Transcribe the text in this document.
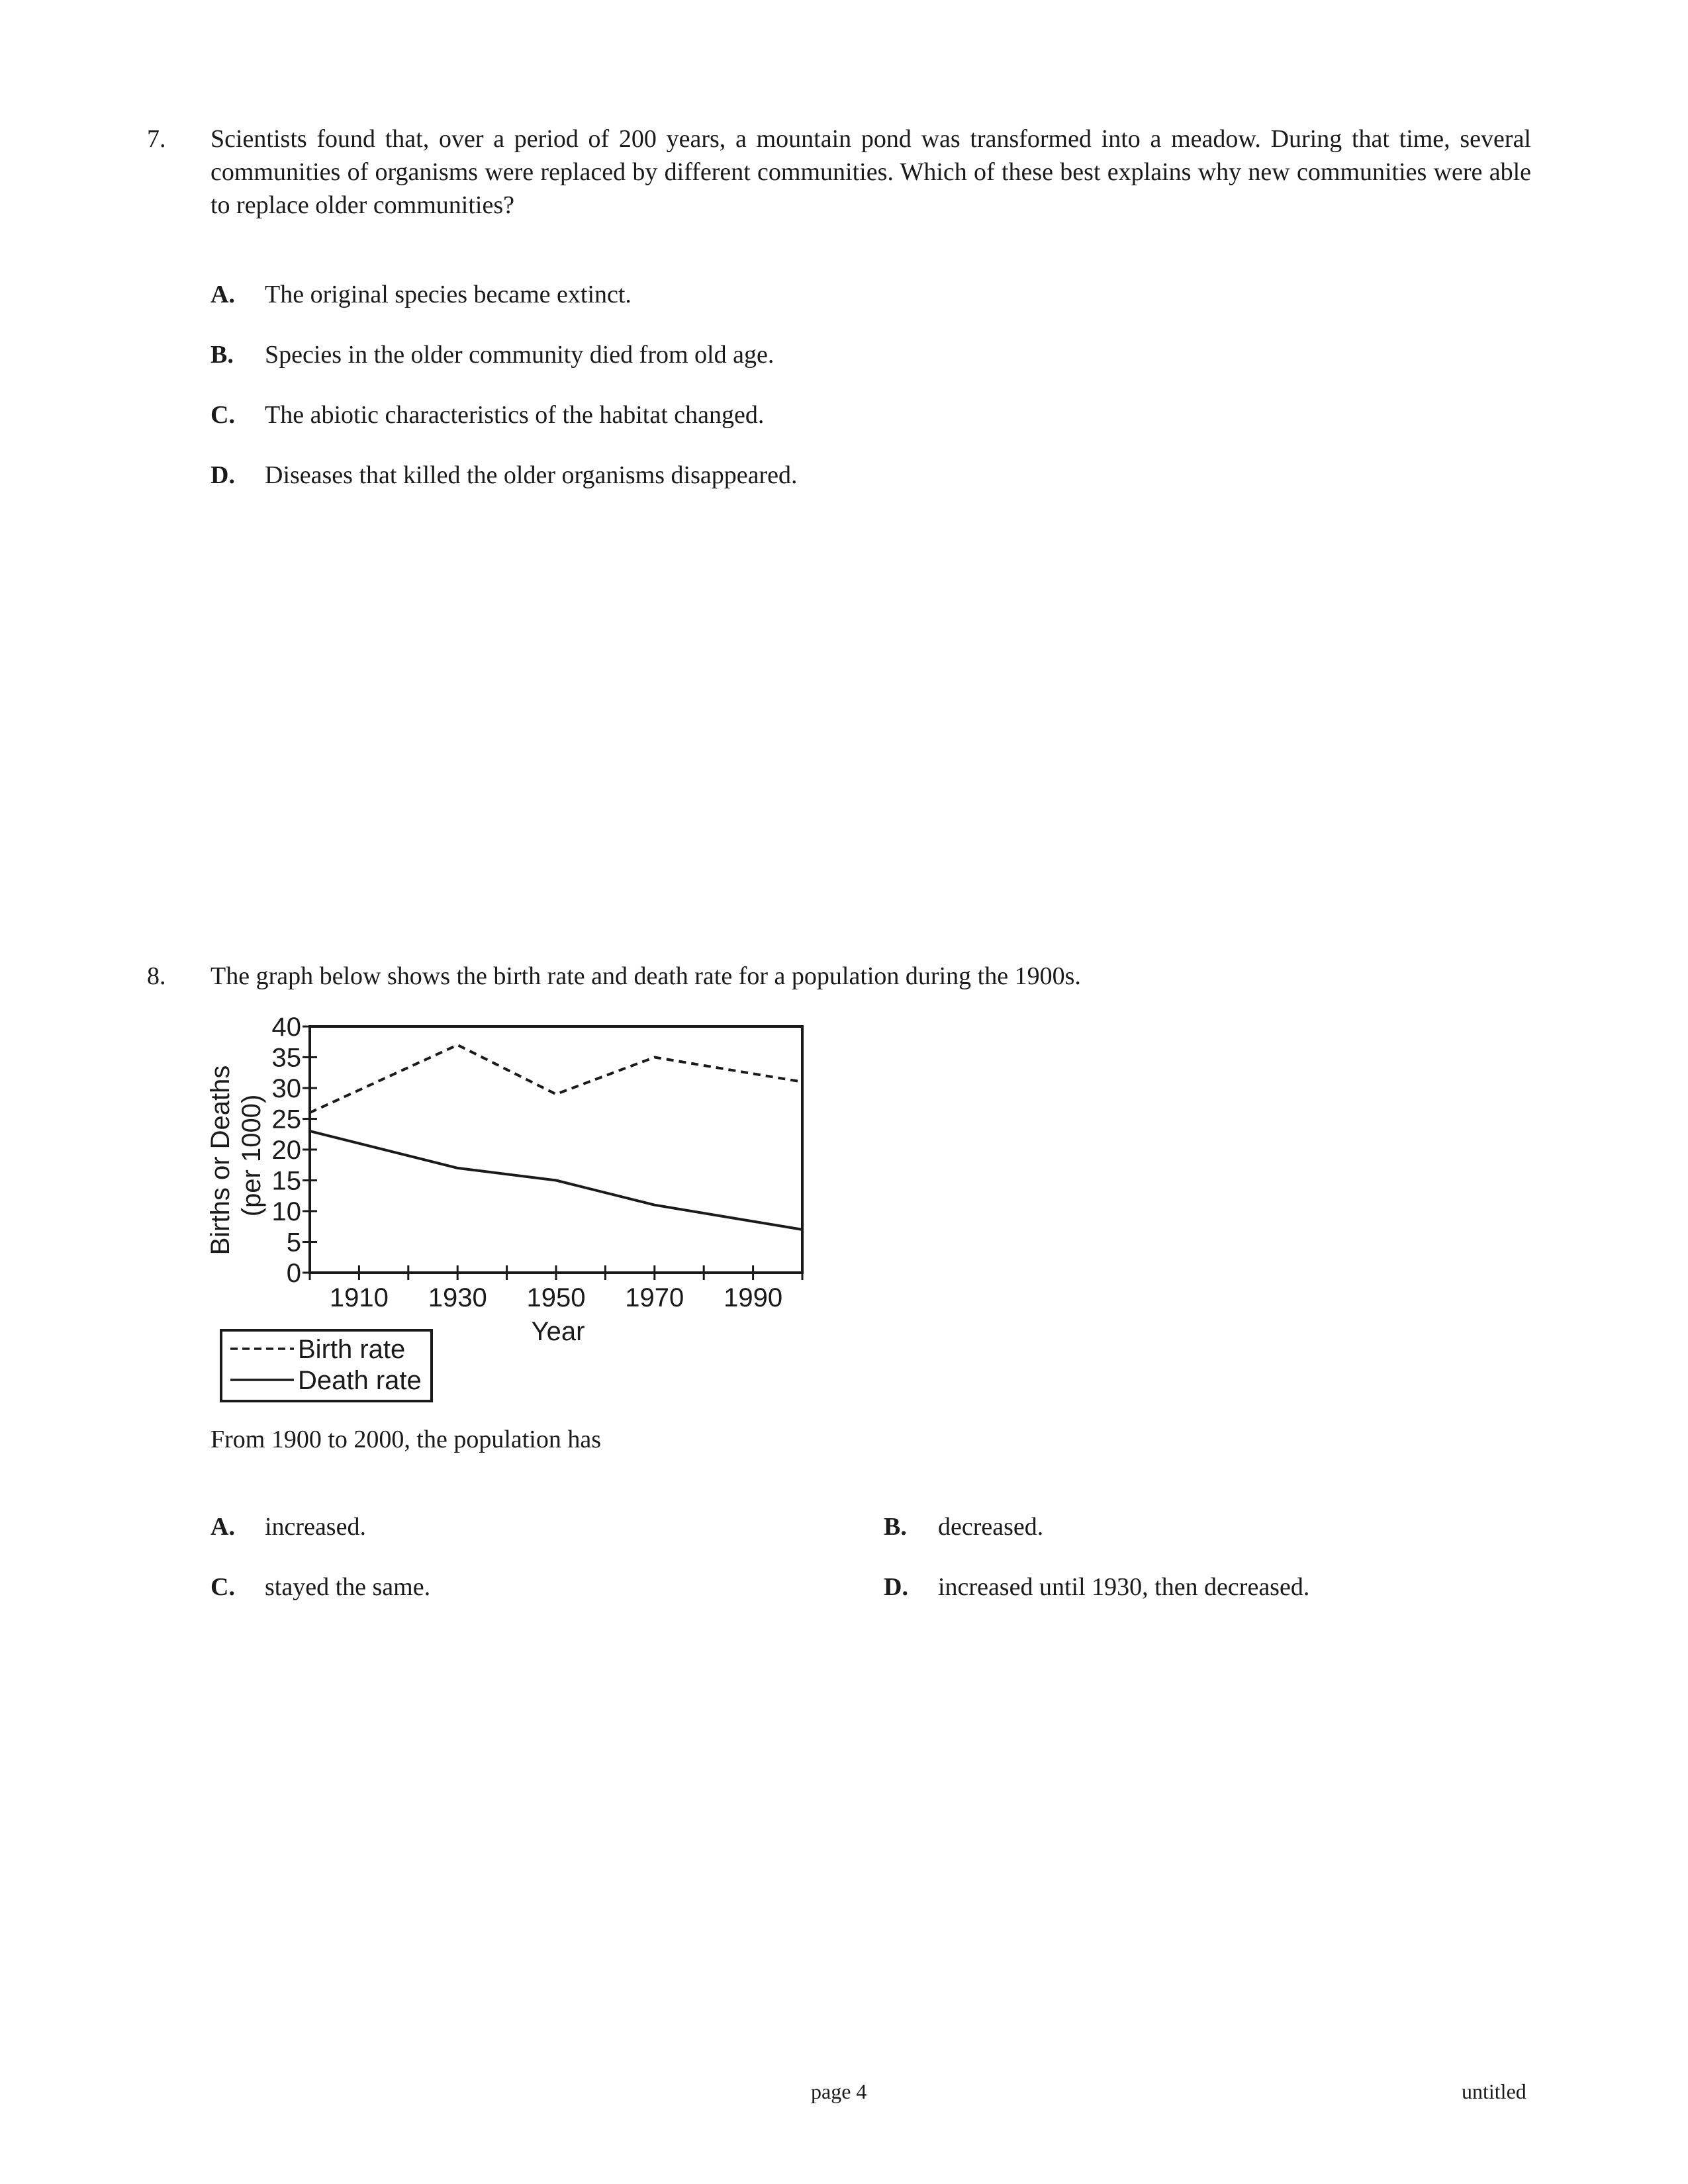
7. Scientists found that, over a period of 200 years, a mountain pond was transformed into a meadow. During that time, several communities of organisms were replaced by different communities. Which of these best explains why new communities were able to replace older communities?
A. The original species became extinct.
B. Species in the older community died from old age.
C. The abiotic characteristics of the habitat changed.
D. Diseases that killed the older organisms disappeared.
8. The graph below shows the birth rate and death rate for a population during the 1900s.
0
5
10
15
20
25
30
35
40
1910 1930 1950 1970 1990
Births or Deaths (per 1000)
Year
Birth rate
Death rate
From 1900 to 2000, the population has
A. increased.	B. decreased.
C. stayed the same.	D. increased until 1930, then decreased.
page 4	untitled
